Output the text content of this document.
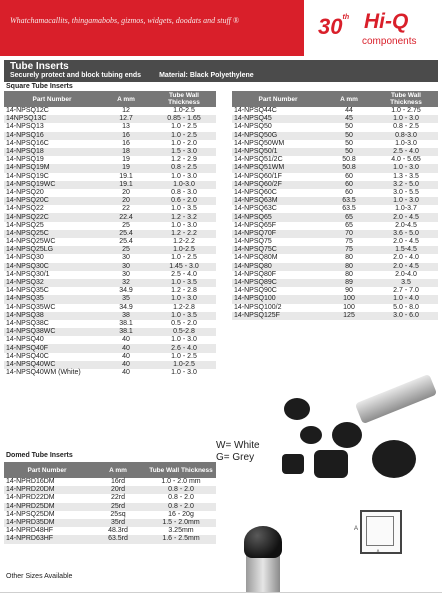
Whatchamacallits, thingamabobs, gizmos, widgets, doodats and stuff ®	30th Hi-Q
components
Tube Inserts
Securely protect and block tubing ends	Material: Black Polyethylene
Square Tube Inserts
Part Number	A mm	Tube Wall Thickness
14-NPSQ12C	12	1.0-2.5
14NPSQ13C	12.7	0.85 - 1.65
14-NPSQ13	13	1.0 - 2.5
14-NPSQ16	16	1.0 - 2.5
14-NPSQ16C	16	1.0 - 2.0
14-NPSQ18	18	1.5 - 3.0
14-NPSQ19	19	1.2 - 2.9
14-NPSQ19M	19	0.8 - 2.5
14-NPSQ19C	19.1	1.0 - 3.0
14-NPSQ19WC	19.1	1.0-3.0
14-NPSQ20	20	0.8 - 3.0
14-NPSQ20C	20	0.6 - 2.0
14-NPSQ22	22	1.0 - 3.5
14-NPSQ22C	22.4	1.2 - 3.2
14-NPSQ25	25	1.0 - 3.0
14-NPSQ25C	25.4	1.2 - 2.2
14-NPSQ25WC	25.4	1.2-2.2
14-NPSQ25LG	25	1.0-2.5
14-NPSQ30	30	1.0 - 2.5
14-NPSQ30C	30	1.45 - 3.0
14-NPSQ30/1	30	2.5 - 4.0
14-NPSQ32	32	1.0 - 3.5
14-NPSQ35C	34.9	1.2 - 2.8
14-NPSQ35	35	1.0 - 3.0
14-NPSQ35WC	34.9	1.2-2.8
14-NPSQ38	38	1.0 - 3.5
14-NPSQ38C	38.1	0.5 - 2.0
14-NPSQ38WC	38.1	0.5-2.8
14-NPSQ40	40	1.0 - 3.0
14-NPSQ40F	40	2.6 - 4.0
14-NPSQ40C	40	1.0 - 2.5
14-NPSQ40WC	40	1.0-2.5
14-NPSQ40WM (White)	40	1.0 - 3.0
Part Number	A mm	Tube Wall Thickness
14-NPSQ44C	44	1.0 - 2.75
14-NPSQ45	45	1.0 - 3.0
14-NPSQ50	50	0.8 - 2.5
14-NPSQ50G	50	0.8-3.0
14-NPSQ50WM	50	1.0-3.0
14-NPSQ50/1	50	2.5 - 4.0
14-NPSQ51/2C	50.8	4.0 - 5.65
14-NPSQ51WM	50.8	1.0 - 3.0
14-NPSQ60/1F	60	1.3 - 3.5
14-NPSQ60/2F	60	3.2 - 5.0
14-NPSQ60C	60	3.0 - 5.5
14-NPSQ63M	63.5	1.0 - 3.0
14-NPSQ63C	63.5	1.0-3.7
14-NPSQ65	65	2.0 - 4.5
14-NPSQ65F	65	2.0-4.5
14-NPSQ70F	70	3.6 - 5.0
14-NPSQ75	75	2.0 - 4.5
14-NPSQ75C	75	1.5-4.5
14-NPSQ80M	80	2.0 - 4.0
14-NPSQ80	80	2.0 - 4.5
14-NPSQ80F	80	2.0-4.0
14-NPSQ89C	89	3.5
14-NPSQ90C	90	2.7 - 7.0
14-NPSQ100	100	1.0 - 4.0
14-NPSQ100/2	100	5.0 - 8.0
14-NPSQ125F	125	3.0 - 6.0
W= White
G= Grey
Domed Tube Inserts
Part Number	A mm	Tube Wall Thickness
14-NPRD16DM	16rd	1.0 - 2.0 mm
14-NPRD20DM	20rd	0.8 - 2.0
14-NPRD22DM	22rd	0.8 - 2.0
14-NPRD25DM	25rd	0.8 - 2.0
14-NPSQ25DM	25sq	16 - 20g
14-NPRD35DM	35rd	1.5 - 2.0mm
14-NPRD48HF	48.3rd	3.25mm
14-NPRD63HF	63.5rd	1.6 - 2.5mm
Other Sizes Available
A
A
